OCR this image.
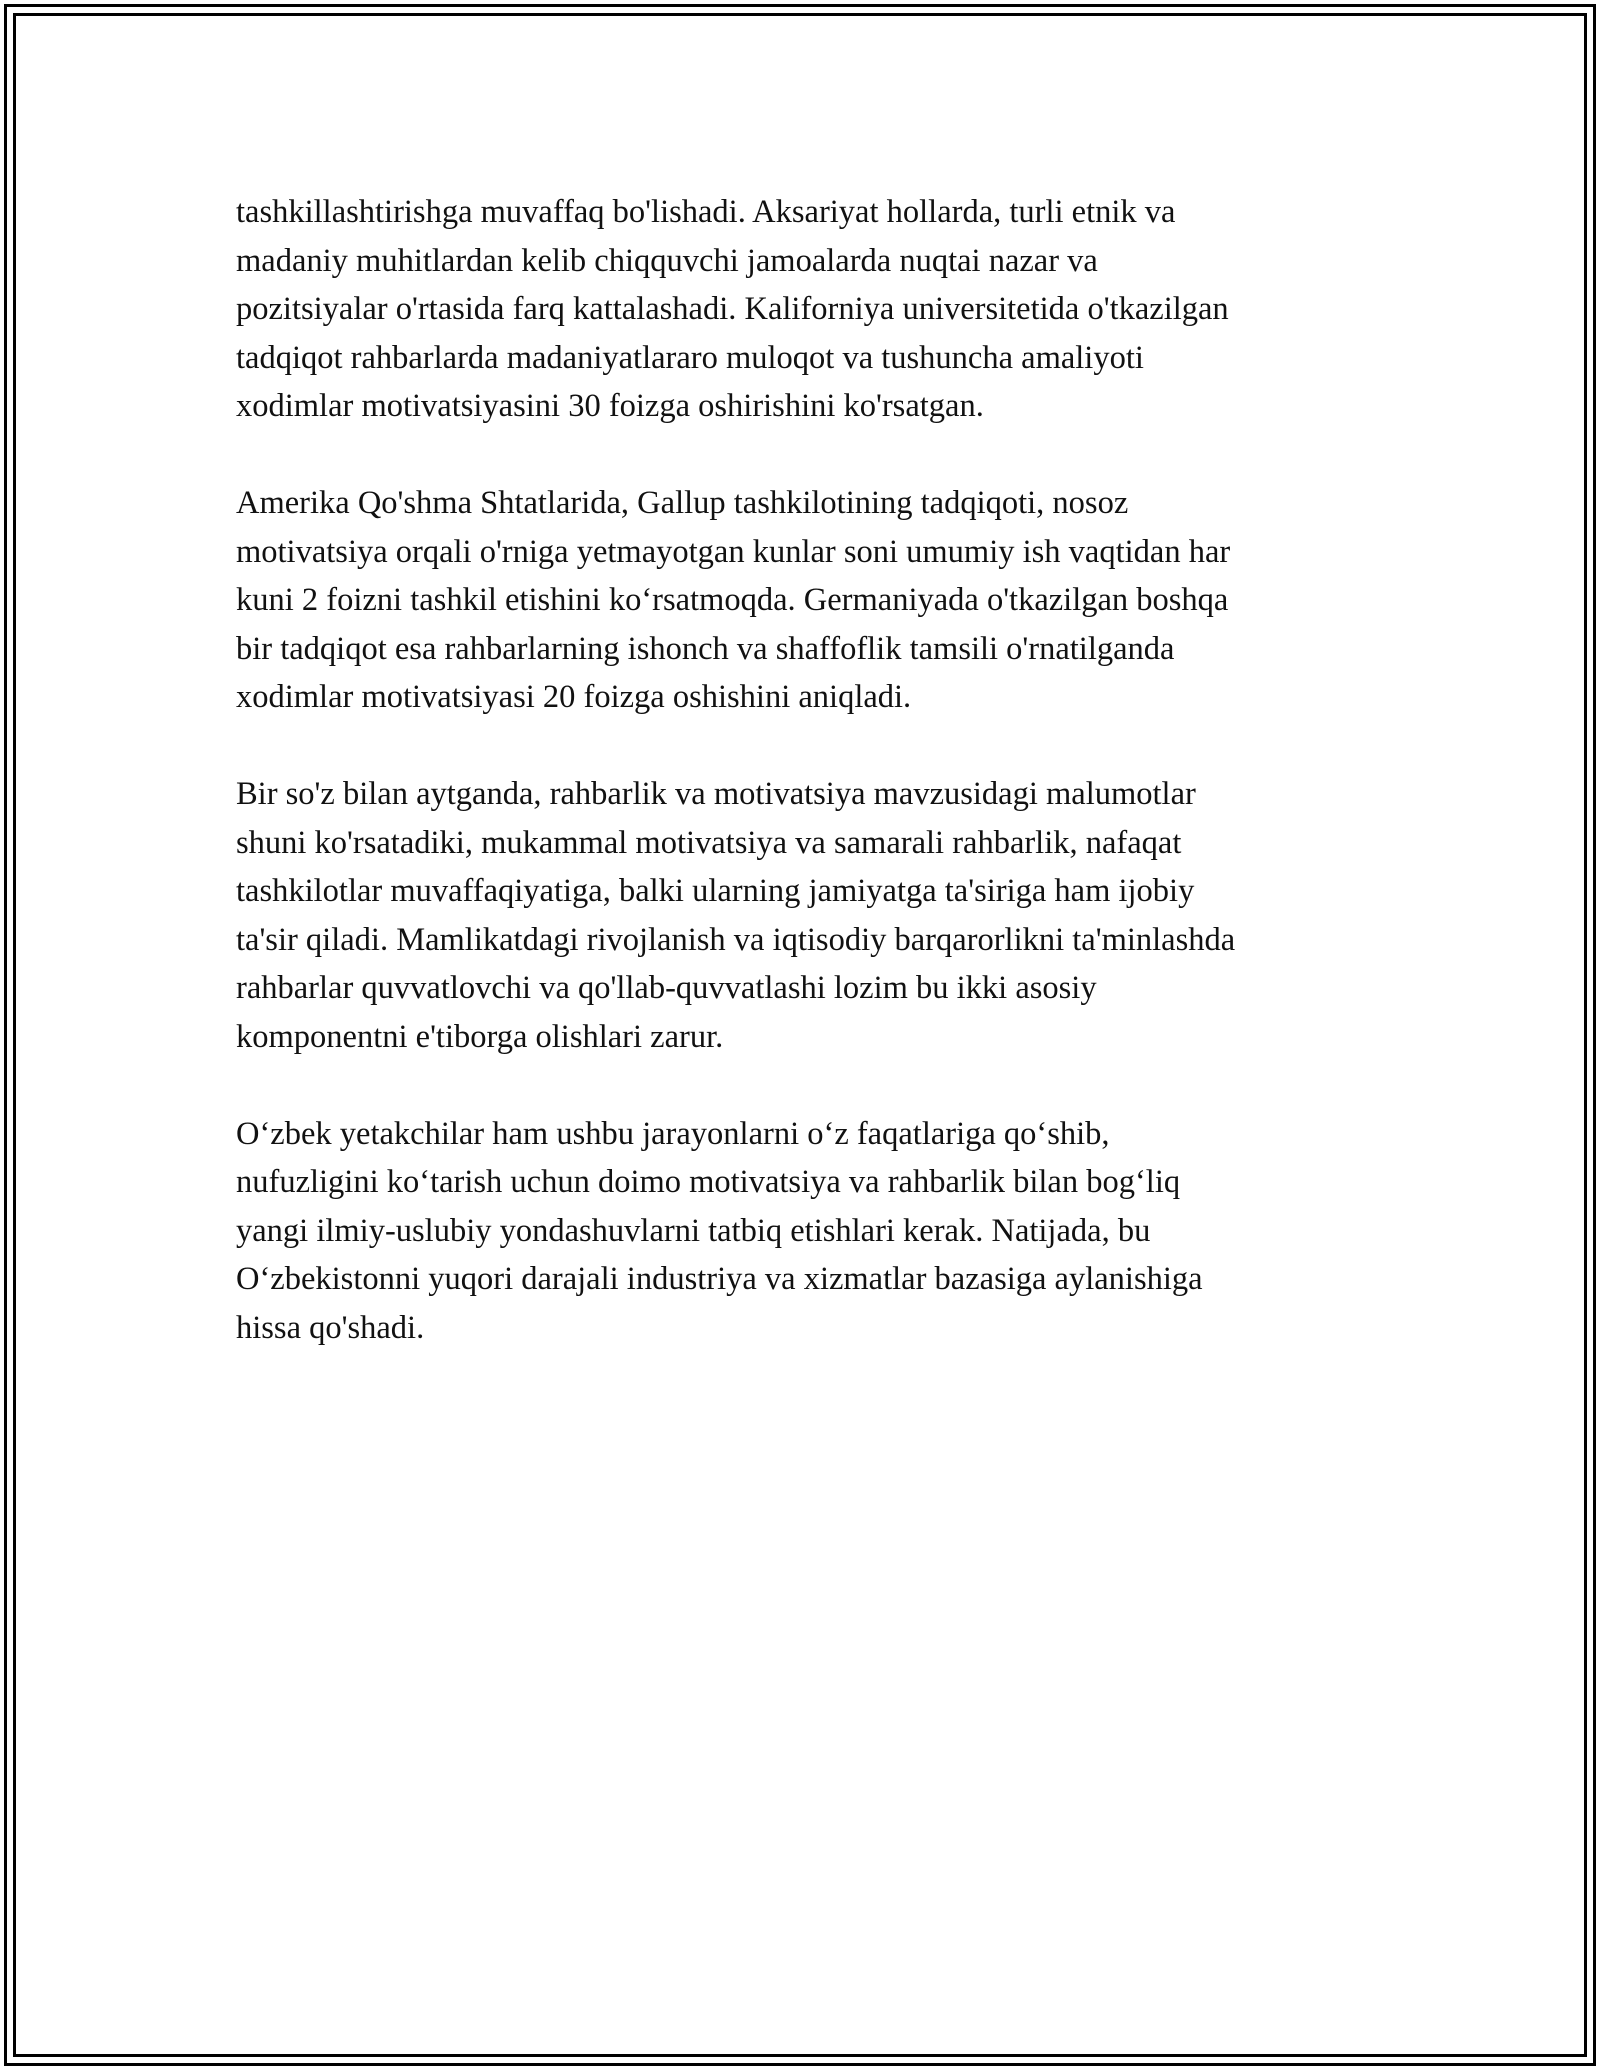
tashkillashtirishga muvaffaq bo'lishadi. Aksariyat hollarda, turli etnik va
madaniy muhitlardan kelib chiqquvchi jamoalarda nuqtai nazar va
pozitsiyalar o'rtasida farq kattalashadi. Kaliforniya universitetida o'tkazilgan
tadqiqot rahbarlarda madaniyatlararo muloqot va tushuncha amaliyoti
xodimlar motivatsiyasini 30 foizga oshirishini ko'rsatgan.

Amerika Qo'shma Shtatlarida, Gallup tashkilotining tadqiqoti, nosoz
motivatsiya orqali o'rniga yetmayotgan kunlar soni umumiy ish vaqtidan har
kuni 2 foizni tashkil etishini ko‘rsatmoqda. Germaniyada o'tkazilgan boshqa
bir tadqiqot esa rahbarlarning ishonch va shaffoflik tamsili o'rnatilganda
xodimlar motivatsiyasi 20 foizga oshishini aniqladi.

Bir so'z bilan aytganda, rahbarlik va motivatsiya mavzusidagi malumotlar
shuni ko'rsatadiki, mukammal motivatsiya va samarali rahbarlik, nafaqat
tashkilotlar muvaffaqiyatiga, balki ularning jamiyatga ta'siriga ham ijobiy
ta'sir qiladi. Mamlikatdagi rivojlanish va iqtisodiy barqarorlikni ta'minlashda
rahbarlar quvvatlovchi va qo'llab-quvvatlashi lozim bu ikki asosiy
komponentni e'tiborga olishlari zarur.

O‘zbek yetakchilar ham ushbu jarayonlarni o‘z faqatlariga qo‘shib,
nufuzligini ko‘tarish uchun doimo motivatsiya va rahbarlik bilan bog‘liq
yangi ilmiy-uslubiy yondashuvlarni tatbiq etishlari kerak. Natijada, bu
O‘zbekistonni yuqori darajali industriya va xizmatlar bazasiga aylanishiga
hissa qo'shadi.
